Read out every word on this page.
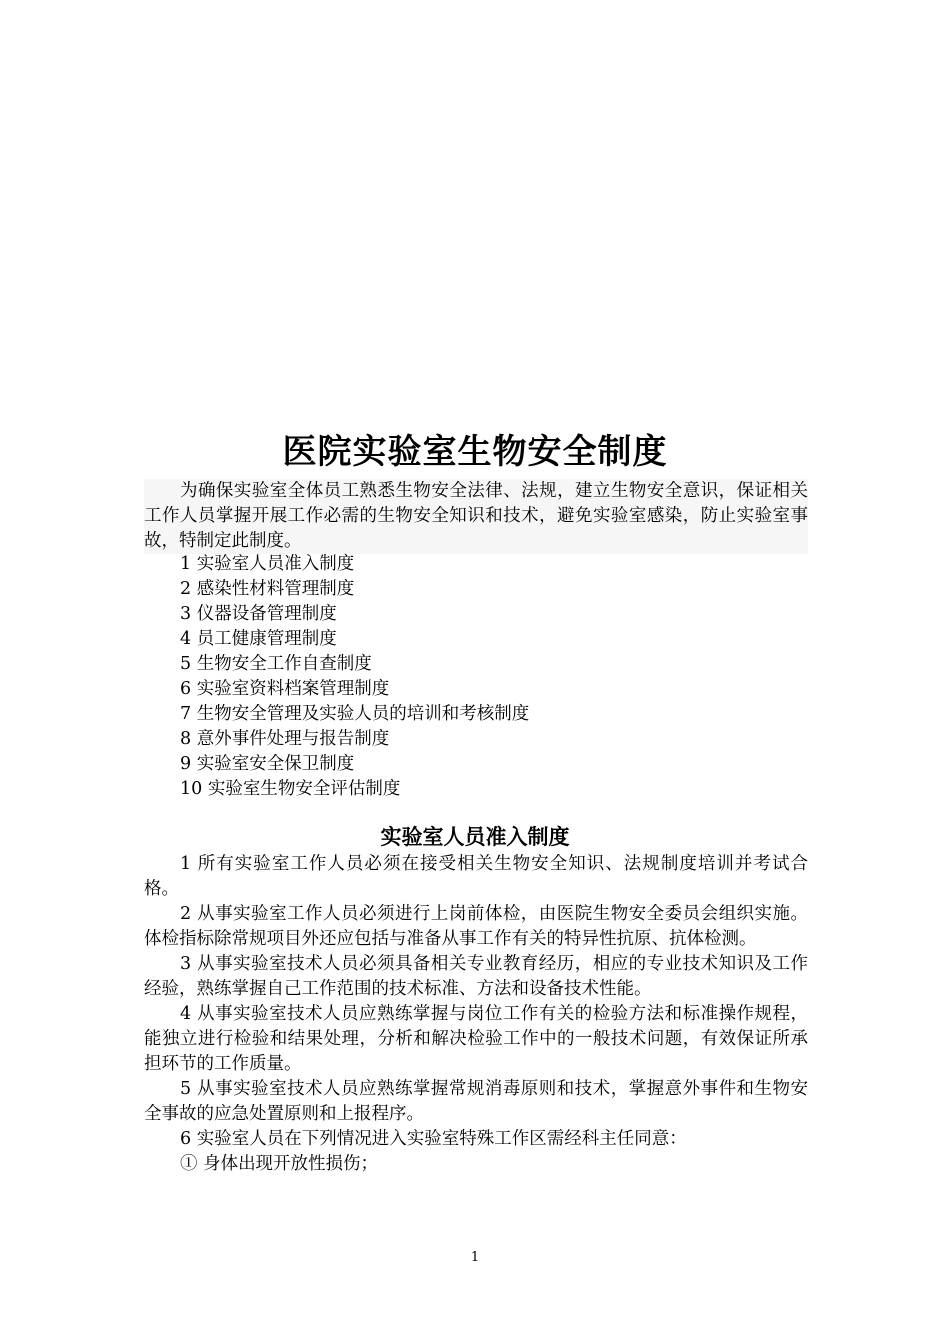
医院实验室生物安全制度

为确保实验室全体员工熟悉生物安全法律、法规，建立生物安全意识，保证相关工作人员掌握开展工作必需的生物安全知识和技术，避免实验室感染，防止实验室事故，特制定此制度。

1 实验室人员准入制度
2 感染性材料管理制度
3 仪器设备管理制度
4 员工健康管理制度
5 生物安全工作自查制度
6 实验室资料档案管理制度
7 生物安全管理及实验人员的培训和考核制度
8 意外事件处理与报告制度
9 实验室安全保卫制度
10 实验室生物安全评估制度
实验室人员准入制度

1 所有实验室工作人员必须在接受相关生物安全知识、法规制度培训并考试合格。

2 从事实验室工作人员必须进行上岗前体检，由医院生物安全委员会组织实施。体检指标除常规项目外还应包括与准备从事工作有关的特异性抗原、抗体检测。

3 从事实验室技术人员必须具备相关专业教育经历，相应的专业技术知识及工作经验，熟练掌握自己工作范围的技术标准、方法和设备技术性能。

4 从事实验室技术人员应熟练掌握与岗位工作有关的检验方法和标准操作规程，能独立进行检验和结果处理，分析和解决检验工作中的一般技术问题，有效保证所承担环节的工作质量。

5 从事实验室技术人员应熟练掌握常规消毒原则和技术，掌握意外事件和生物安全事故的应急处置原则和上报程序。

6 实验室人员在下列情况进入实验室特殊工作区需经科主任同意：

① 身体出现开放性损伤；

1
